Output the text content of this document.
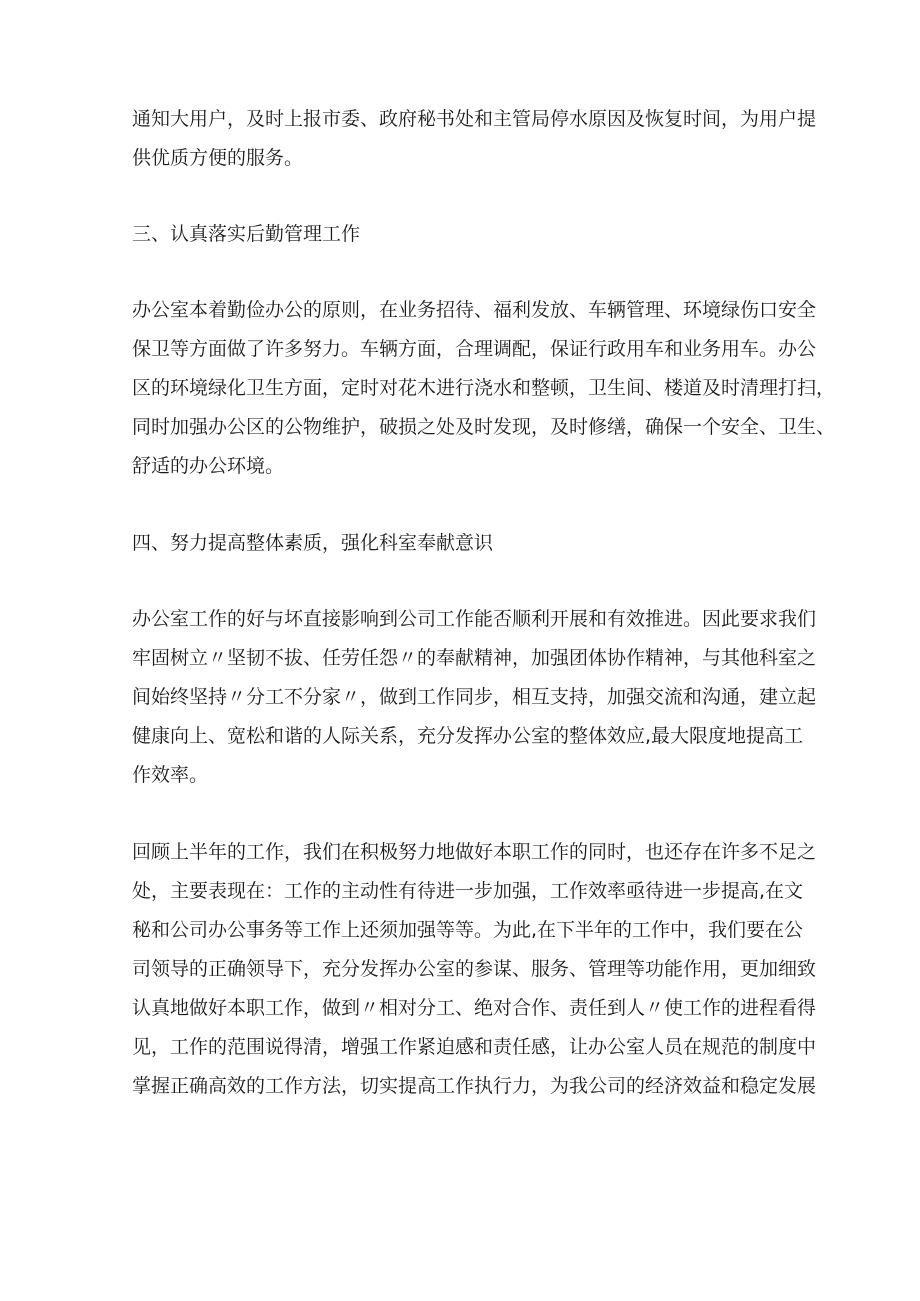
通知大用户，及时上报市委、政府秘书处和主管局停水原因及恢复时间，为用户提
供优质方便的服务。

三、认真落实后勤管理工作

办公室本着勤俭办公的原则，在业务招待、福利发放、车辆管理、环境绿伤口安全
保卫等方面做了许多努力。车辆方面，合理调配，保证行政用车和业务用车。办公
区的环境绿化卫生方面，定时对花木进行浇水和整顿，卫生间、楼道及时清理打扫，
同时加强办公区的公物维护，破损之处及时发现，及时修缮，确保一个安全、卫生、
舒适的办公环境。

四、努力提高整体素质，强化科室奉献意识

办公室工作的好与坏直接影响到公司工作能否顺利开展和有效推进。因此要求我们
牢固树立〃坚韧不拔、任劳任怨〃的奉献精神，加强团体协作精神，与其他科室之
间始终坚持〃分工不分家〃，做到工作同步，相互支持，加强交流和沟通，建立起
健康向上、宽松和谐的人际关系，充分发挥办公室的整体效应,最大限度地提高工
作效率。

回顾上半年的工作，我们在积极努力地做好本职工作的同时，也还存在许多不足之
处，主要表现在：工作的主动性有待进一步加强，工作效率亟待进一步提高,在文
秘和公司办公事务等工作上还须加强等等。为此,在下半年的工作中，我们要在公
司领导的正确领导下，充分发挥办公室的参谋、服务、管理等功能作用，更加细致
认真地做好本职工作，做到〃相对分工、绝对合作、责任到人〃使工作的进程看得
见，工作的范围说得清，增强工作紧迫感和责任感，让办公室人员在规范的制度中
掌握正确高效的工作方法，切实提高工作执行力，为我公司的经济效益和稳定发展
